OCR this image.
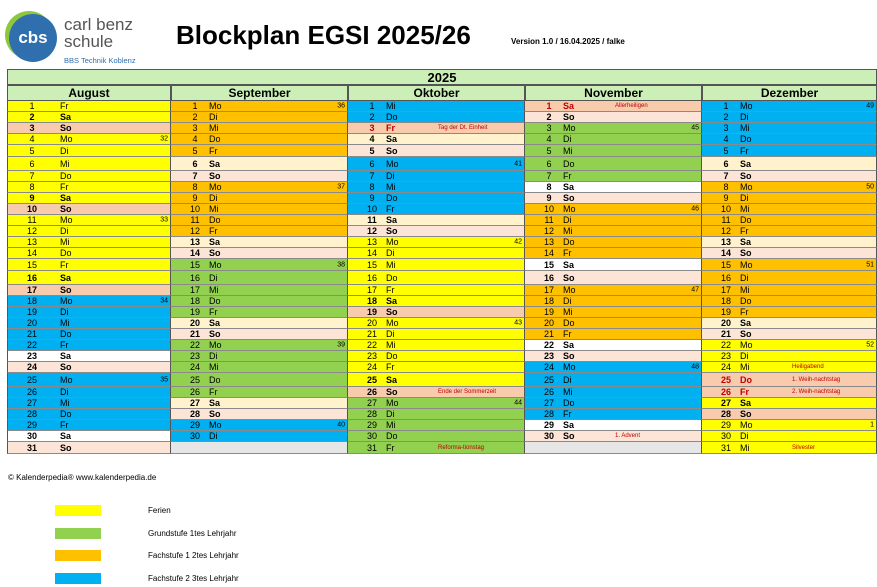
cbs
carl benz
schule
BBS Technik Koblenz
Blockplan EGSI 2025/26	Version 1.0 / 16.04.2025 / falke
2025
August
1	Fr
2	Sa
3	So
4	Mo	32
5	Di
6	Mi
7	Do
8	Fr
9	Sa
10	So
11	Mo	33
12	Di
13	Mi
14	Do
15	Fr
16	Sa
17	So
18	Mo	34
19	Di
20	Mi
21	Do
22	Fr
23	Sa
24	So
25	Mo	35
26	Di
27	Mi
28	Do
29	Fr
30	Sa
31	So
September
1	Mo	36
2	Di
3	Mi
4	Do
5	Fr
6	Sa
7	So
8	Mo	37
9	Di
10	Mi
11	Do
12	Fr
13	Sa
14	So
15	Mo	38
16	Di
17	Mi
18	Do
19	Fr
20	Sa
21	So
22	Mo	39
23	Di
24	Mi
25	Do
26	Fr
27	Sa
28	So
29	Mo	40
30	Di
Oktober
1	Mi
2	Do
3	Fr	Tag der Dt. Einheit
4	Sa
5	So
6	Mo	41
7	Di
8	Mi
9	Do
10	Fr
11	Sa
12	So
13	Mo	42
14	Di
15	Mi
16	Do
17	Fr
18	Sa
19	So
20	Mo	43
21	Di
22	Mi
23	Do
24	Fr
25	Sa
26	So	Ende der Sommerzeit
27	Mo	44
28	Di
29	Mi
30	Do
31	Fr	Reforma-tionstag
November
1	Sa	Allerheiligen
2	So
3	Mo	45
4	Di
5	Mi
6	Do
7	Fr
8	Sa
9	So
10	Mo	46
11	Di
12	Mi
13	Do
14	Fr
15	Sa
16	So
17	Mo	47
18	Di
19	Mi
20	Do
21	Fr
22	Sa
23	So
24	Mo	48
25	Di
26	Mi
27	Do
28	Fr
29	Sa
30	So	1. Advent
Dezember
1	Mo	49
2	Di
3	Mi
4	Do
5	Fr
6	Sa
7	So
8	Mo	50
9	Di
10	Mi
11	Do
12	Fr
13	Sa
14	So
15	Mo	51
16	Di
17	Mi
18	Do
19	Fr
20	Sa
21	So
22	Mo	52
23	Di
24	Mi	Heiligabend
25	Do	1. Weih-nachtstag
26	Fr	2. Weih-nachtstag
27	Sa
28	So
29	Mo	1
30	Di
31	Mi	Silvester
© Kalenderpedia® www.kalenderpedia.de
Ferien
Grundstufe 1tes Lehrjahr
Fachstufe 1 2tes Lehrjahr
Fachstufe 2 3tes Lehrjahr
